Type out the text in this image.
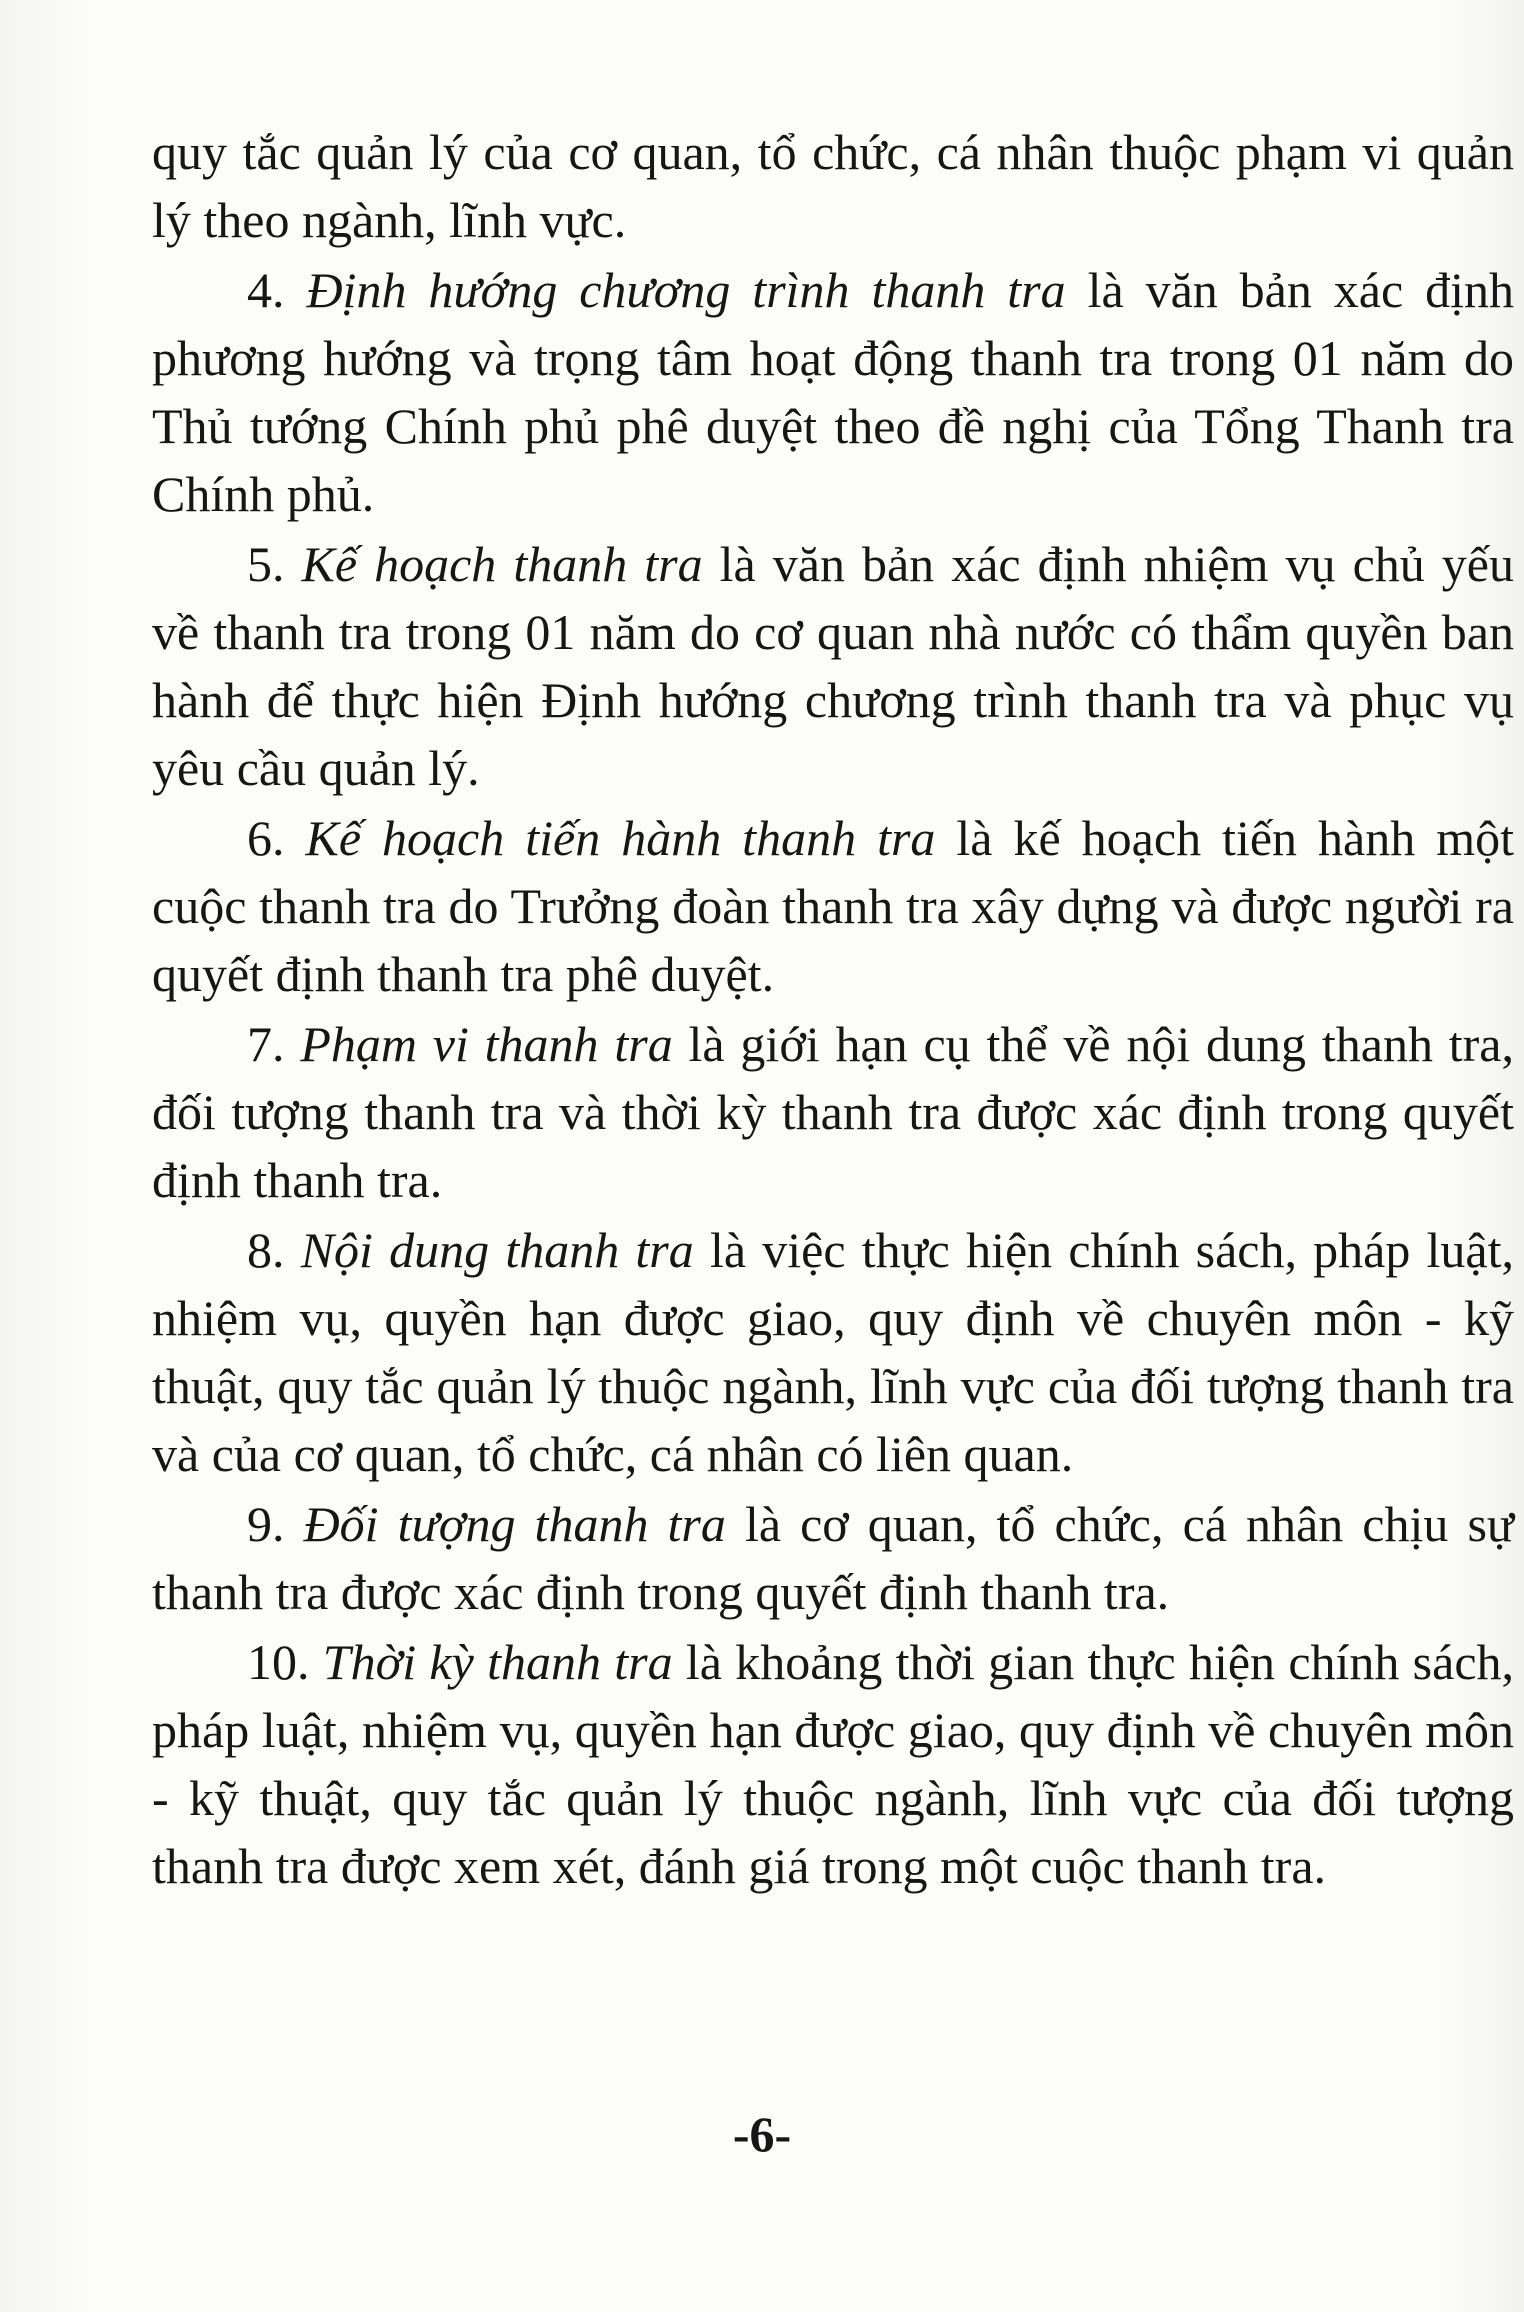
quy tắc quản lý của cơ quan, tổ chức, cá nhân thuộc phạm vi quản lý theo ngành, lĩnh vực.

4. Định hướng chương trình thanh tra là văn bản xác định phương hướng và trọng tâm hoạt động thanh tra trong 01 năm do Thủ tướng Chính phủ phê duyệt theo đề nghị của Tổng Thanh tra Chính phủ.

5. Kế hoạch thanh tra là văn bản xác định nhiệm vụ chủ yếu về thanh tra trong 01 năm do cơ quan nhà nước có thẩm quyền ban hành để thực hiện Định hướng chương trình thanh tra và phục vụ yêu cầu quản lý.

6. Kế hoạch tiến hành thanh tra là kế hoạch tiến hành một cuộc thanh tra do Trưởng đoàn thanh tra xây dựng và được người ra quyết định thanh tra phê duyệt.

7. Phạm vi thanh tra là giới hạn cụ thể về nội dung thanh tra, đối tượng thanh tra và thời kỳ thanh tra được xác định trong quyết định thanh tra.

8. Nội dung thanh tra là việc thực hiện chính sách, pháp luật, nhiệm vụ, quyền hạn được giao, quy định về chuyên môn - kỹ thuật, quy tắc quản lý thuộc ngành, lĩnh vực của đối tượng thanh tra và của cơ quan, tổ chức, cá nhân có liên quan.

9. Đối tượng thanh tra là cơ quan, tổ chức, cá nhân chịu sự thanh tra được xác định trong quyết định thanh tra.

10. Thời kỳ thanh tra là khoảng thời gian thực hiện chính sách, pháp luật, nhiệm vụ, quyền hạn được giao, quy định về chuyên môn - kỹ thuật, quy tắc quản lý thuộc ngành, lĩnh vực của đối tượng thanh tra được xem xét, đánh giá trong một cuộc thanh tra.

-6-
